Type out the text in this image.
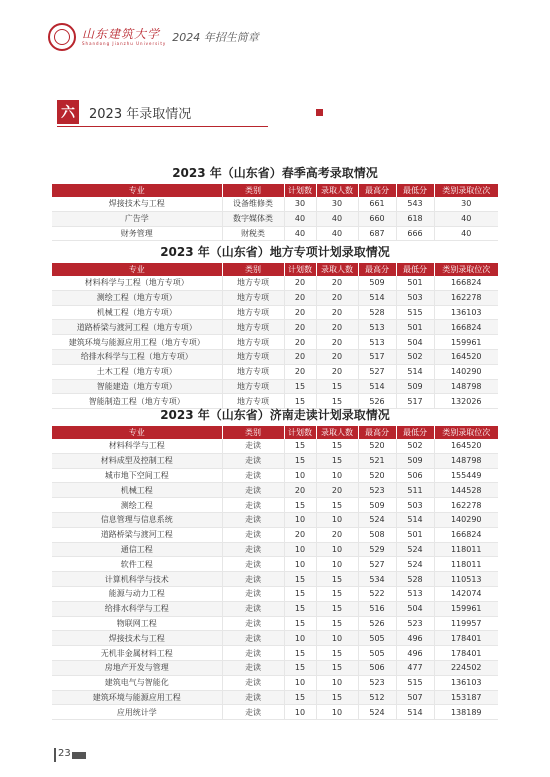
山东建筑大学
Shandong Jianzhu University 2024 年招生简章
六	2023 年录取情况
2023 年（山东省）春季高考录取情况
专业	类别	计划数	录取人数	最高分	最低分	类别录取位次
焊接技术与工程	设备维修类	30	30	661	543	30
广告学	数字媒体类	40	40	660	618	40
财务管理	财税类	40	40	687	666	40
2023 年（山东省）地方专项计划录取情况
专业	类别	计划数	录取人数	最高分	最低分	类别录取位次
材料科学与工程（地方专项）	地方专项	20	20	509	501	166824
测绘工程（地方专项）	地方专项	20	20	514	503	162278
机械工程（地方专项）	地方专项	20	20	528	515	136103
道路桥梁与渡河工程（地方专项）	地方专项	20	20	513	501	166824
建筑环境与能源应用工程（地方专项）	地方专项	20	20	513	504	159961
给排水科学与工程（地方专项）	地方专项	20	20	517	502	164520
土木工程（地方专项）	地方专项	20	20	527	514	140290
智能建造（地方专项）	地方专项	15	15	514	509	148798
智能制造工程（地方专项）	地方专项	15	15	526	517	132026
2023 年（山东省）济南走读计划录取情况
专业	类别	计划数	录取人数	最高分	最低分	类别录取位次
材料科学与工程	走读	15	15	520	502	164520
材料成型及控制工程	走读	15	15	521	509	148798
城市地下空间工程	走读	10	10	520	506	155449
机械工程	走读	20	20	523	511	144528
测绘工程	走读	15	15	509	503	162278
信息管理与信息系统	走读	10	10	524	514	140290
道路桥梁与渡河工程	走读	20	20	508	501	166824
通信工程	走读	10	10	529	524	118011
软件工程	走读	10	10	527	524	118011
计算机科学与技术	走读	15	15	534	528	110513
能源与动力工程	走读	15	15	522	513	142074
给排水科学与工程	走读	15	15	516	504	159961
物联网工程	走读	15	15	526	523	119957
焊接技术与工程	走读	10	10	505	496	178401
无机非金属材料工程	走读	15	15	505	496	178401
房地产开发与管理	走读	15	15	506	477	224502
建筑电气与智能化	走读	10	10	523	515	136103
建筑环境与能源应用工程	走读	15	15	512	507	153187
应用统计学	走读	10	10	524	514	138189
23
